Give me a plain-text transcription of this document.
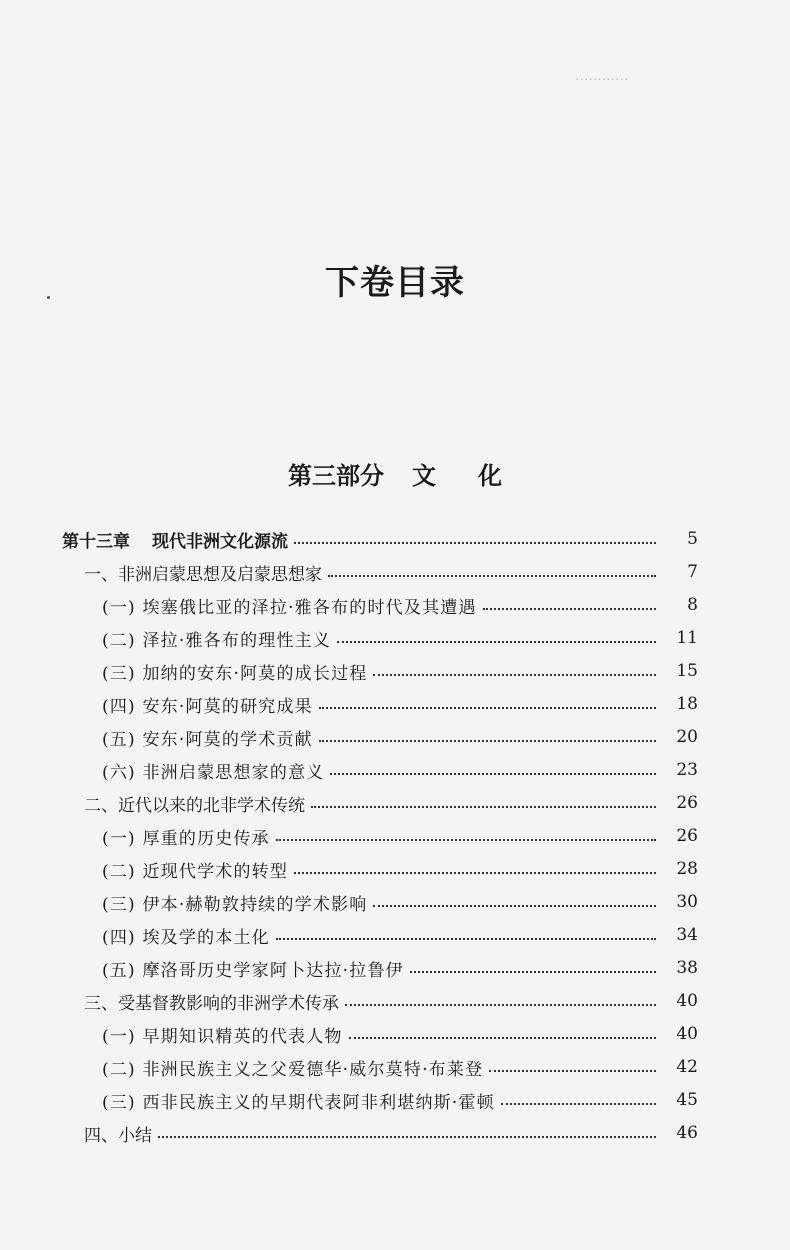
············
下卷目录
第三部分 文 化
第十三章 现代非洲文化源流	5
一、非洲启蒙思想及启蒙思想家	7
(一) 埃塞俄比亚的泽拉·雅各布的时代及其遭遇	8
(二) 泽拉·雅各布的理性主义	11
(三) 加纳的安东·阿莫的成长过程	15
(四) 安东·阿莫的研究成果	18
(五) 安东·阿莫的学术贡献	20
(六) 非洲启蒙思想家的意义	23
二、近代以来的北非学术传统	26
(一) 厚重的历史传承	26
(二) 近现代学术的转型	28
(三) 伊本·赫勒敦持续的学术影响	30
(四) 埃及学的本土化	34
(五) 摩洛哥历史学家阿卜达拉·拉鲁伊	38
三、受基督教影响的非洲学术传承	40
(一) 早期知识精英的代表人物	40
(二) 非洲民族主义之父爱德华·威尔莫特·布莱登	42
(三) 西非民族主义的早期代表阿非利堪纳斯·霍顿	45
四、小结	46
